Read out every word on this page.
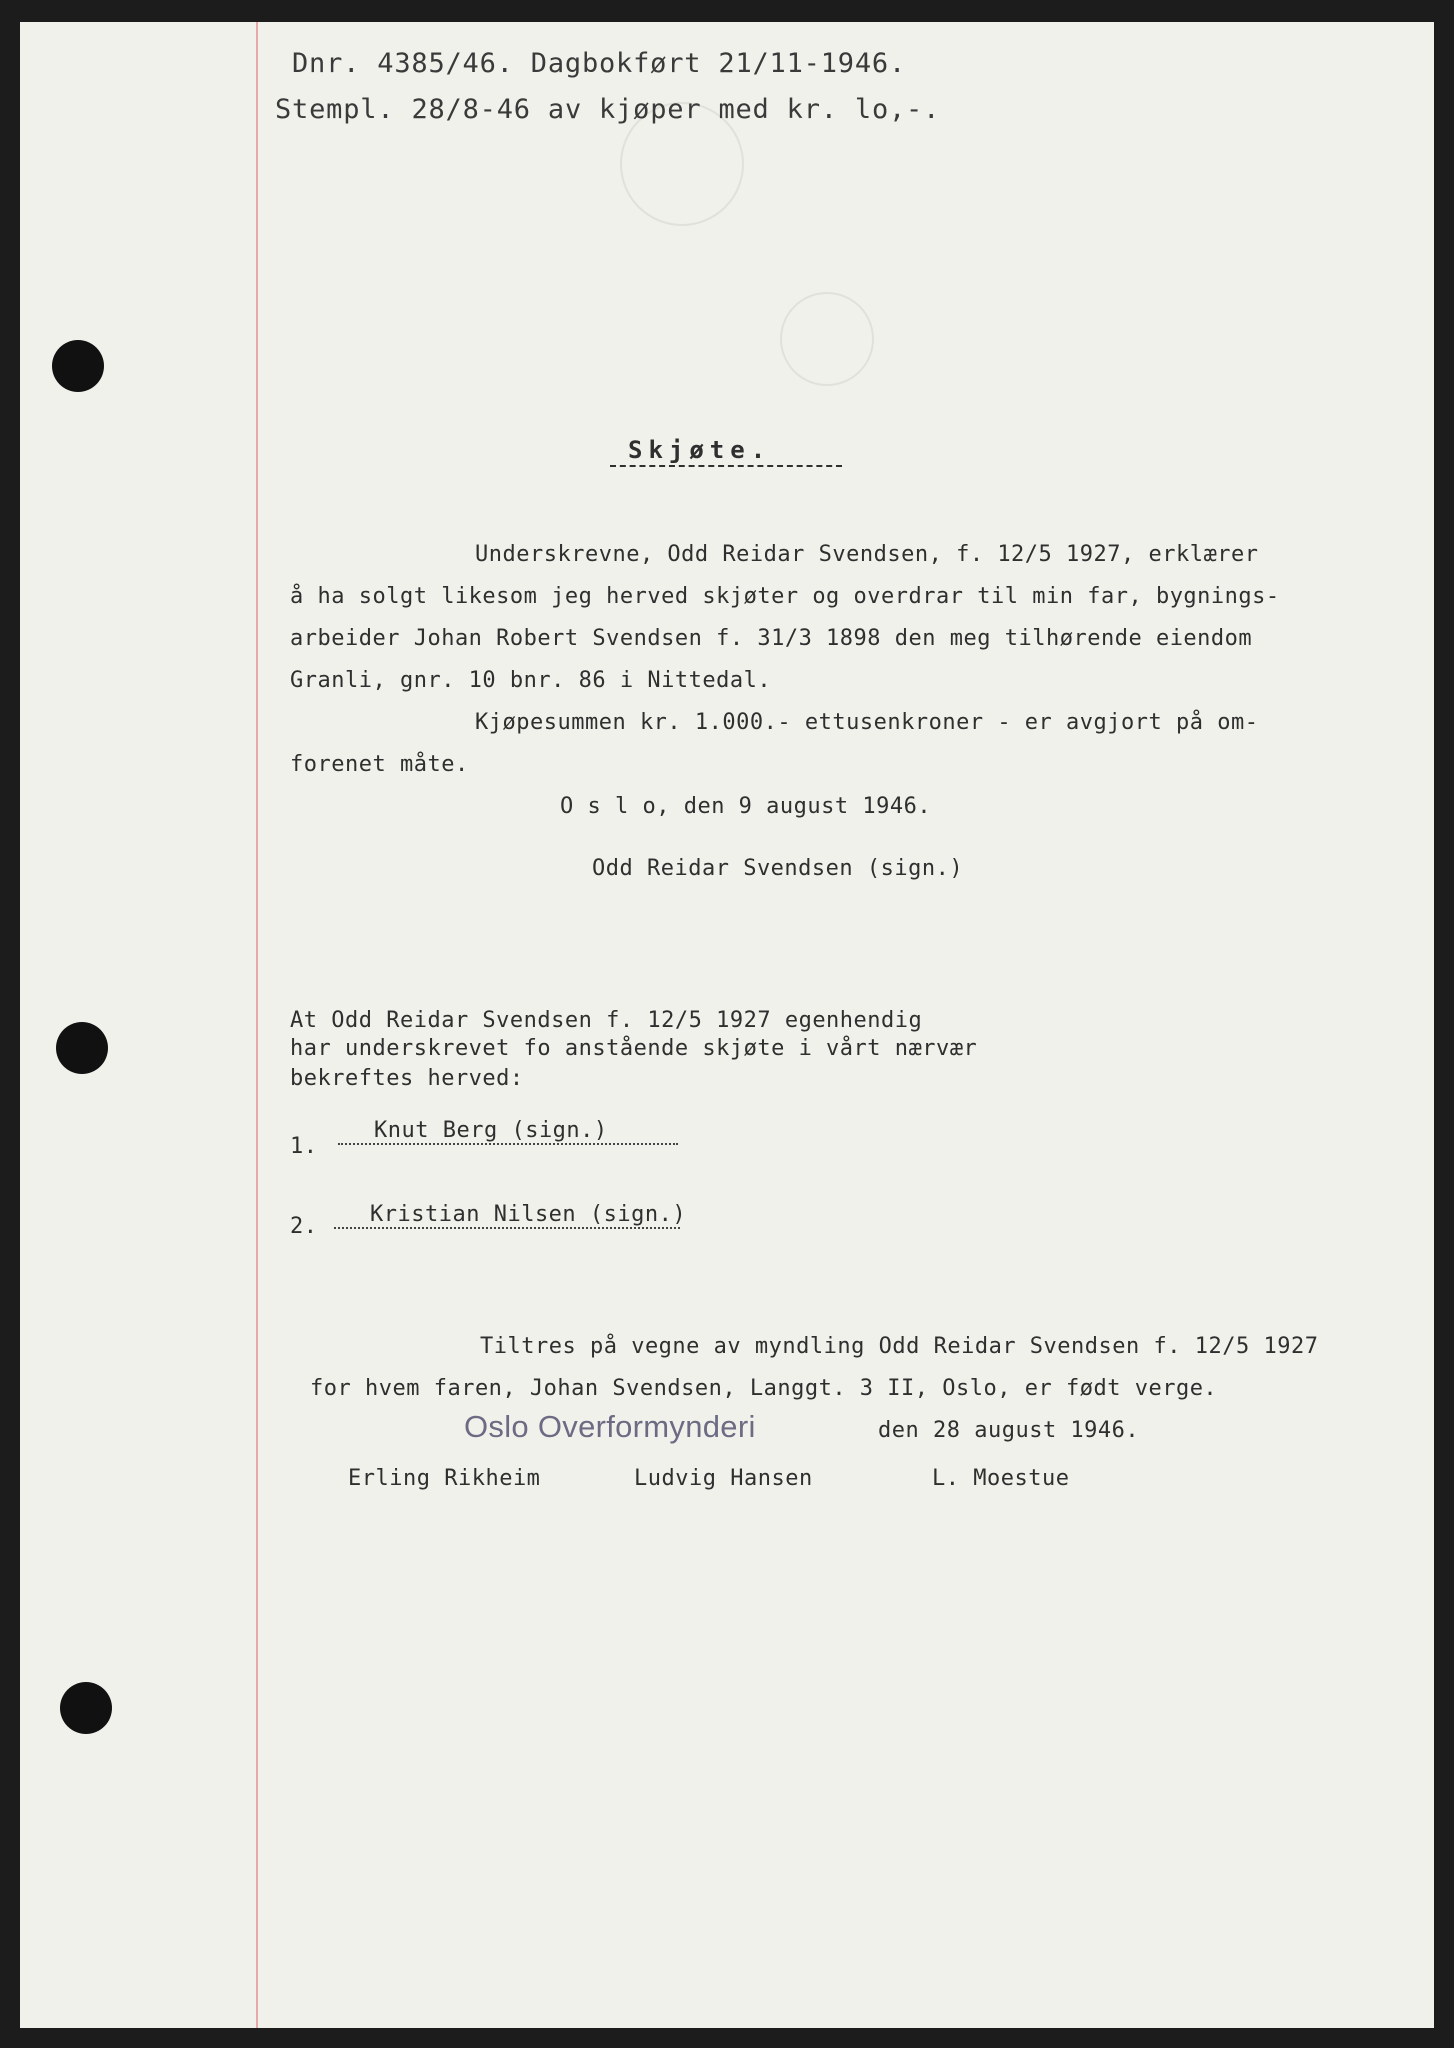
Dnr. 4385/46. Dagbokført 21/11-1946.
Stempl. 28/8-46 av kjøper med kr. lo,-.
Skjøte.
Underskrevne, Odd Reidar Svendsen, f. 12/5 1927, erklærer
å ha solgt likesom jeg herved skjøter og overdrar til min far, bygnings-
arbeider Johan Robert Svendsen f. 31/3 1898 den meg tilhørende eiendom
Granli, gnr. 10 bnr. 86 i Nittedal.
Kjøpesummen kr. 1.000.- ettusenkroner - er avgjort på om-
forenet måte.
O s l o, den 9 august 1946.
Odd Reidar Svendsen (sign.)
At Odd Reidar Svendsen f. 12/5 1927 egenhendig
har underskrevet fo anstående skjøte i vårt nærvær
bekreftes herved:
1.
Knut Berg (sign.)
2.	Kristian Nilsen (sign.)
Tiltres på vegne av myndling Odd Reidar Svendsen f. 12/5 1927
for hvem faren, Johan Svendsen, Langgt. 3 II, Oslo, er født verge.
Oslo Overformynderi	den 28 august 1946.
Erling Rikheim	Ludvig Hansen	L. Moestue
